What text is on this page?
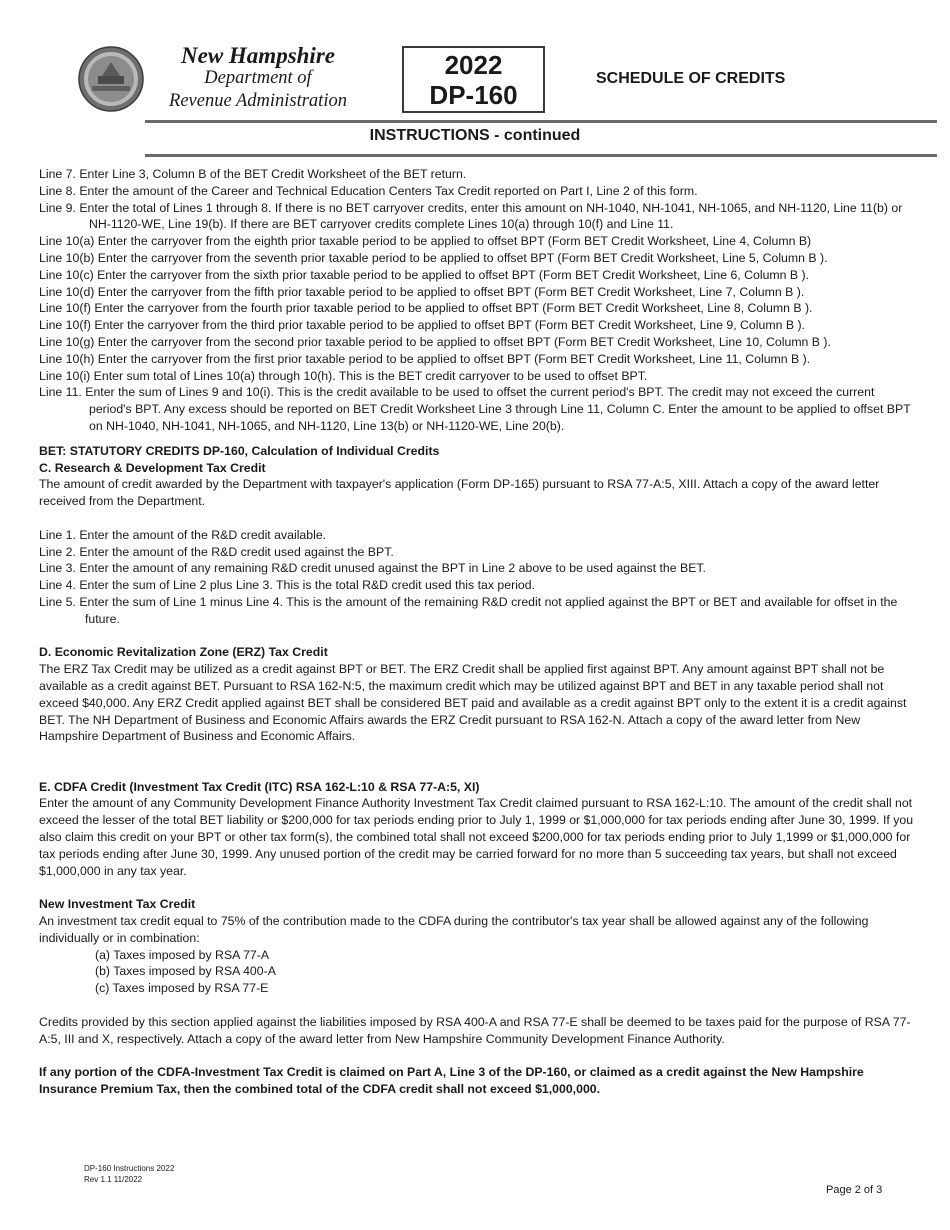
New Hampshire
Department of
Revenue Administration
2022
DP-160
SCHEDULE OF CREDITS
INSTRUCTIONS - continued

Line 7. Enter Line 3, Column B of the BET Credit Worksheet of the BET return.

Line 8. Enter the amount of the Career and Technical Education Centers Tax Credit reported on Part I, Line 2 of this form.

Line 9. Enter the total of Lines 1 through 8. If there is no BET carryover credits, enter this amount on NH-1040, NH-1041, NH-1065, and NH-1120, Line 11(b) or NH-1120-WE, Line 19(b). If there are BET carryover credits complete Lines 10(a) through 10(f) and Line 11.

Line 10(a) Enter the carryover from the eighth prior taxable period to be applied to offset BPT (Form BET Credit Worksheet, Line 4, Column B)

Line 10(b) Enter the carryover from the seventh prior taxable period to be applied to offset BPT (Form BET Credit Worksheet, Line 5, Column B ).

Line 10(c) Enter the carryover from the sixth prior taxable period to be applied to offset BPT (Form BET Credit Worksheet, Line 6, Column B ).

Line 10(d) Enter the carryover from the fifth prior taxable period to be applied to offset BPT (Form BET Credit Worksheet, Line 7, Column B ).

Line 10(f) Enter the carryover from the fourth prior taxable period to be applied to offset BPT (Form BET Credit Worksheet, Line 8, Column B ).

Line 10(f) Enter the carryover from the third prior taxable period to be applied to offset BPT (Form BET Credit Worksheet, Line 9, Column B ).

Line 10(g) Enter the carryover from the second prior taxable period to be applied to offset BPT (Form BET Credit Worksheet, Line 10, Column B ).

Line 10(h) Enter the carryover from the first prior taxable period to be applied to offset BPT (Form BET Credit Worksheet, Line 11, Column B ).

Line 10(i) Enter sum total of Lines 10(a) through 10(h). This is the BET credit carryover to be used to offset BPT.

Line 11. Enter the sum of Lines 9 and 10(i). This is the credit available to be used to offset the current period's BPT. The credit may not exceed the current period's BPT. Any excess should be reported on BET Credit Worksheet Line 3 through Line 11, Column C. Enter the amount to be applied to offset BPT on NH-1040, NH-1041, NH-1065, and NH-1120, Line 13(b) or NH-1120-WE, Line 20(b).

BET: STATUTORY CREDITS DP-160, Calculation of Individual Credits

C. Research & Development Tax Credit

The amount of credit awarded by the Department with taxpayer's application (Form DP-165) pursuant to RSA 77-A:5, XIII. Attach a copy of the award letter received from the Department.

Line 1. Enter the amount of the R&D credit available.

Line 2. Enter the amount of the R&D credit used against the BPT.

Line 3. Enter the amount of any remaining R&D credit unused against the BPT in Line 2 above to be used against the BET.

Line 4. Enter the sum of Line 2 plus Line 3. This is the total R&D credit used this tax period.

Line 5. Enter the sum of Line 1 minus Line 4. This is the amount of the remaining R&D credit not applied against the BPT or BET and available for offset in the future.

D. Economic Revitalization Zone (ERZ) Tax Credit

The ERZ Tax Credit may be utilized as a credit against BPT or BET. The ERZ Credit shall be applied first against BPT. Any amount against BPT shall not be available as a credit against BET. Pursuant to RSA 162-N:5, the maximum credit which may be utilized against BPT and BET in any taxable period shall not exceed $40,000. Any ERZ Credit applied against BET shall be considered BET paid and available as a credit against BPT only to the extent it is a credit against BET. The NH Department of Business and Economic Affairs awards the ERZ Credit pursuant to RSA 162-N. Attach a copy of the award letter from New Hampshire Department of Business and Economic Affairs.

E. CDFA Credit (Investment Tax Credit (ITC) RSA 162-L:10 & RSA 77-A:5, XI)

Enter the amount of any Community Development Finance Authority Investment Tax Credit claimed pursuant to RSA 162-L:10. The amount of the credit shall not exceed the lesser of the total BET liability or $200,000 for tax periods ending prior to July 1, 1999 or $1,000,000 for tax periods ending after June 30, 1999. If you also claim this credit on your BPT or other tax form(s), the combined total shall not exceed $200,000 for tax periods ending prior to July 1,1999 or $1,000,000 for tax periods ending after June 30, 1999. Any unused portion of the credit may be carried forward for no more than 5 succeeding tax years, but shall not exceed $1,000,000 in any tax year.

New Investment Tax Credit

An investment tax credit equal to 75% of the contribution made to the CDFA during the contributor's tax year shall be allowed against any of the following individually or in combination:

(a) Taxes imposed by RSA 77-A

(b) Taxes imposed by RSA 400-A

(c) Taxes imposed by RSA 77-E

Credits provided by this section applied against the liabilities imposed by RSA 400-A and RSA 77-E shall be deemed to be taxes paid for the purpose of RSA 77-A:5, III and X, respectively. Attach a copy of the award letter from New Hampshire Community Development Finance Authority.

If any portion of the CDFA-Investment Tax Credit is claimed on Part A, Line 3 of the DP-160, or claimed as a credit against the New Hampshire Insurance Premium Tax, then the combined total of the CDFA credit shall not exceed $1,000,000.

DP-160 Instructions 2022
Rev 1.1 11/2022
Page 2 of 3
